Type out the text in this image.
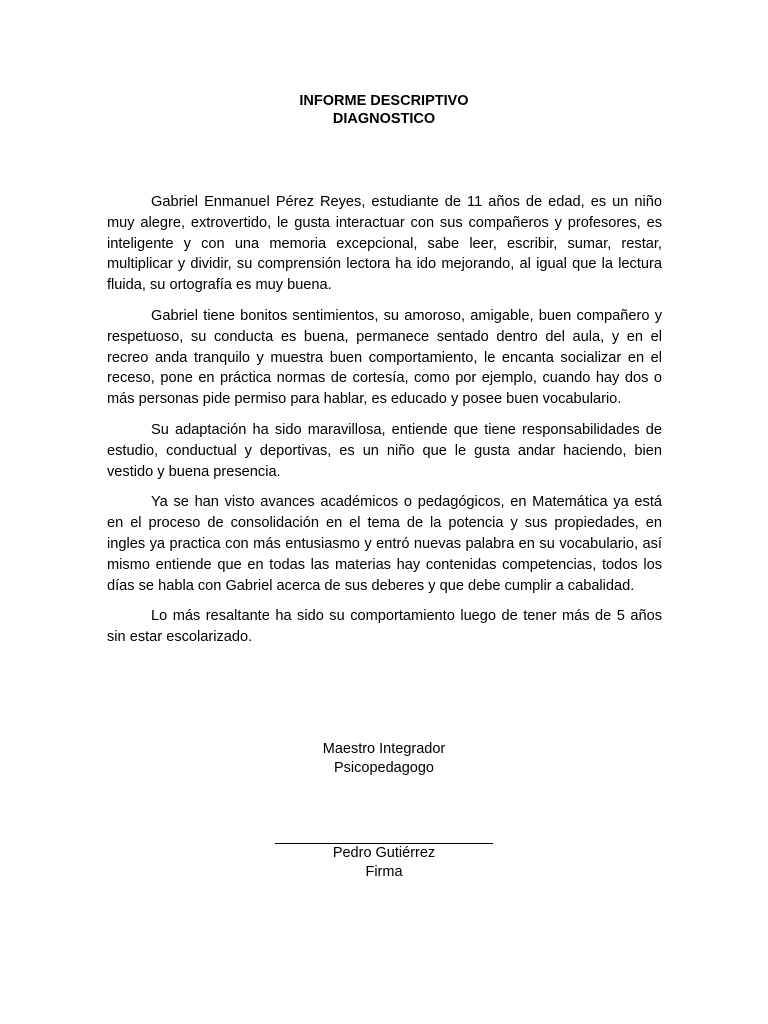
INFORME DESCRIPTIVO
DIAGNOSTICO

Gabriel Enmanuel Pérez Reyes, estudiante de 11 años de edad, es un niño muy alegre, extrovertido, le gusta interactuar con sus compañeros y profesores, es inteligente y con una memoria excepcional, sabe leer, escribir, sumar, restar, multiplicar y dividir, su comprensión lectora ha ido mejorando, al igual que la lectura fluida, su ortografía es muy buena.

Gabriel tiene bonitos sentimientos, su amoroso, amigable, buen compañero y respetuoso, su conducta es buena, permanece sentado dentro del aula, y en el recreo anda tranquilo y muestra buen comportamiento, le encanta socializar en el receso, pone en práctica normas de cortesía, como por ejemplo, cuando hay dos o más personas pide permiso para hablar, es educado y posee buen vocabulario.

Su adaptación ha sido maravillosa, entiende que tiene responsabilidades de estudio, conductual y deportivas, es un niño que le gusta andar haciendo, bien vestido y buena presencia.

Ya se han visto avances académicos o pedagógicos, en Matemática ya está en el proceso de consolidación en el tema de la potencia y sus propiedades, en ingles ya practica con más entusiasmo y entró nuevas palabra en su vocabulario, así mismo entiende que en todas las materias hay contenidas competencias, todos los días se habla con Gabriel acerca de sus deberes y que debe cumplir a cabalidad.

Lo más resaltante ha sido su comportamiento luego de tener más de 5 años sin estar escolarizado.

Maestro Integrador
Psicopedagogo
Pedro Gutiérrez
Firma
